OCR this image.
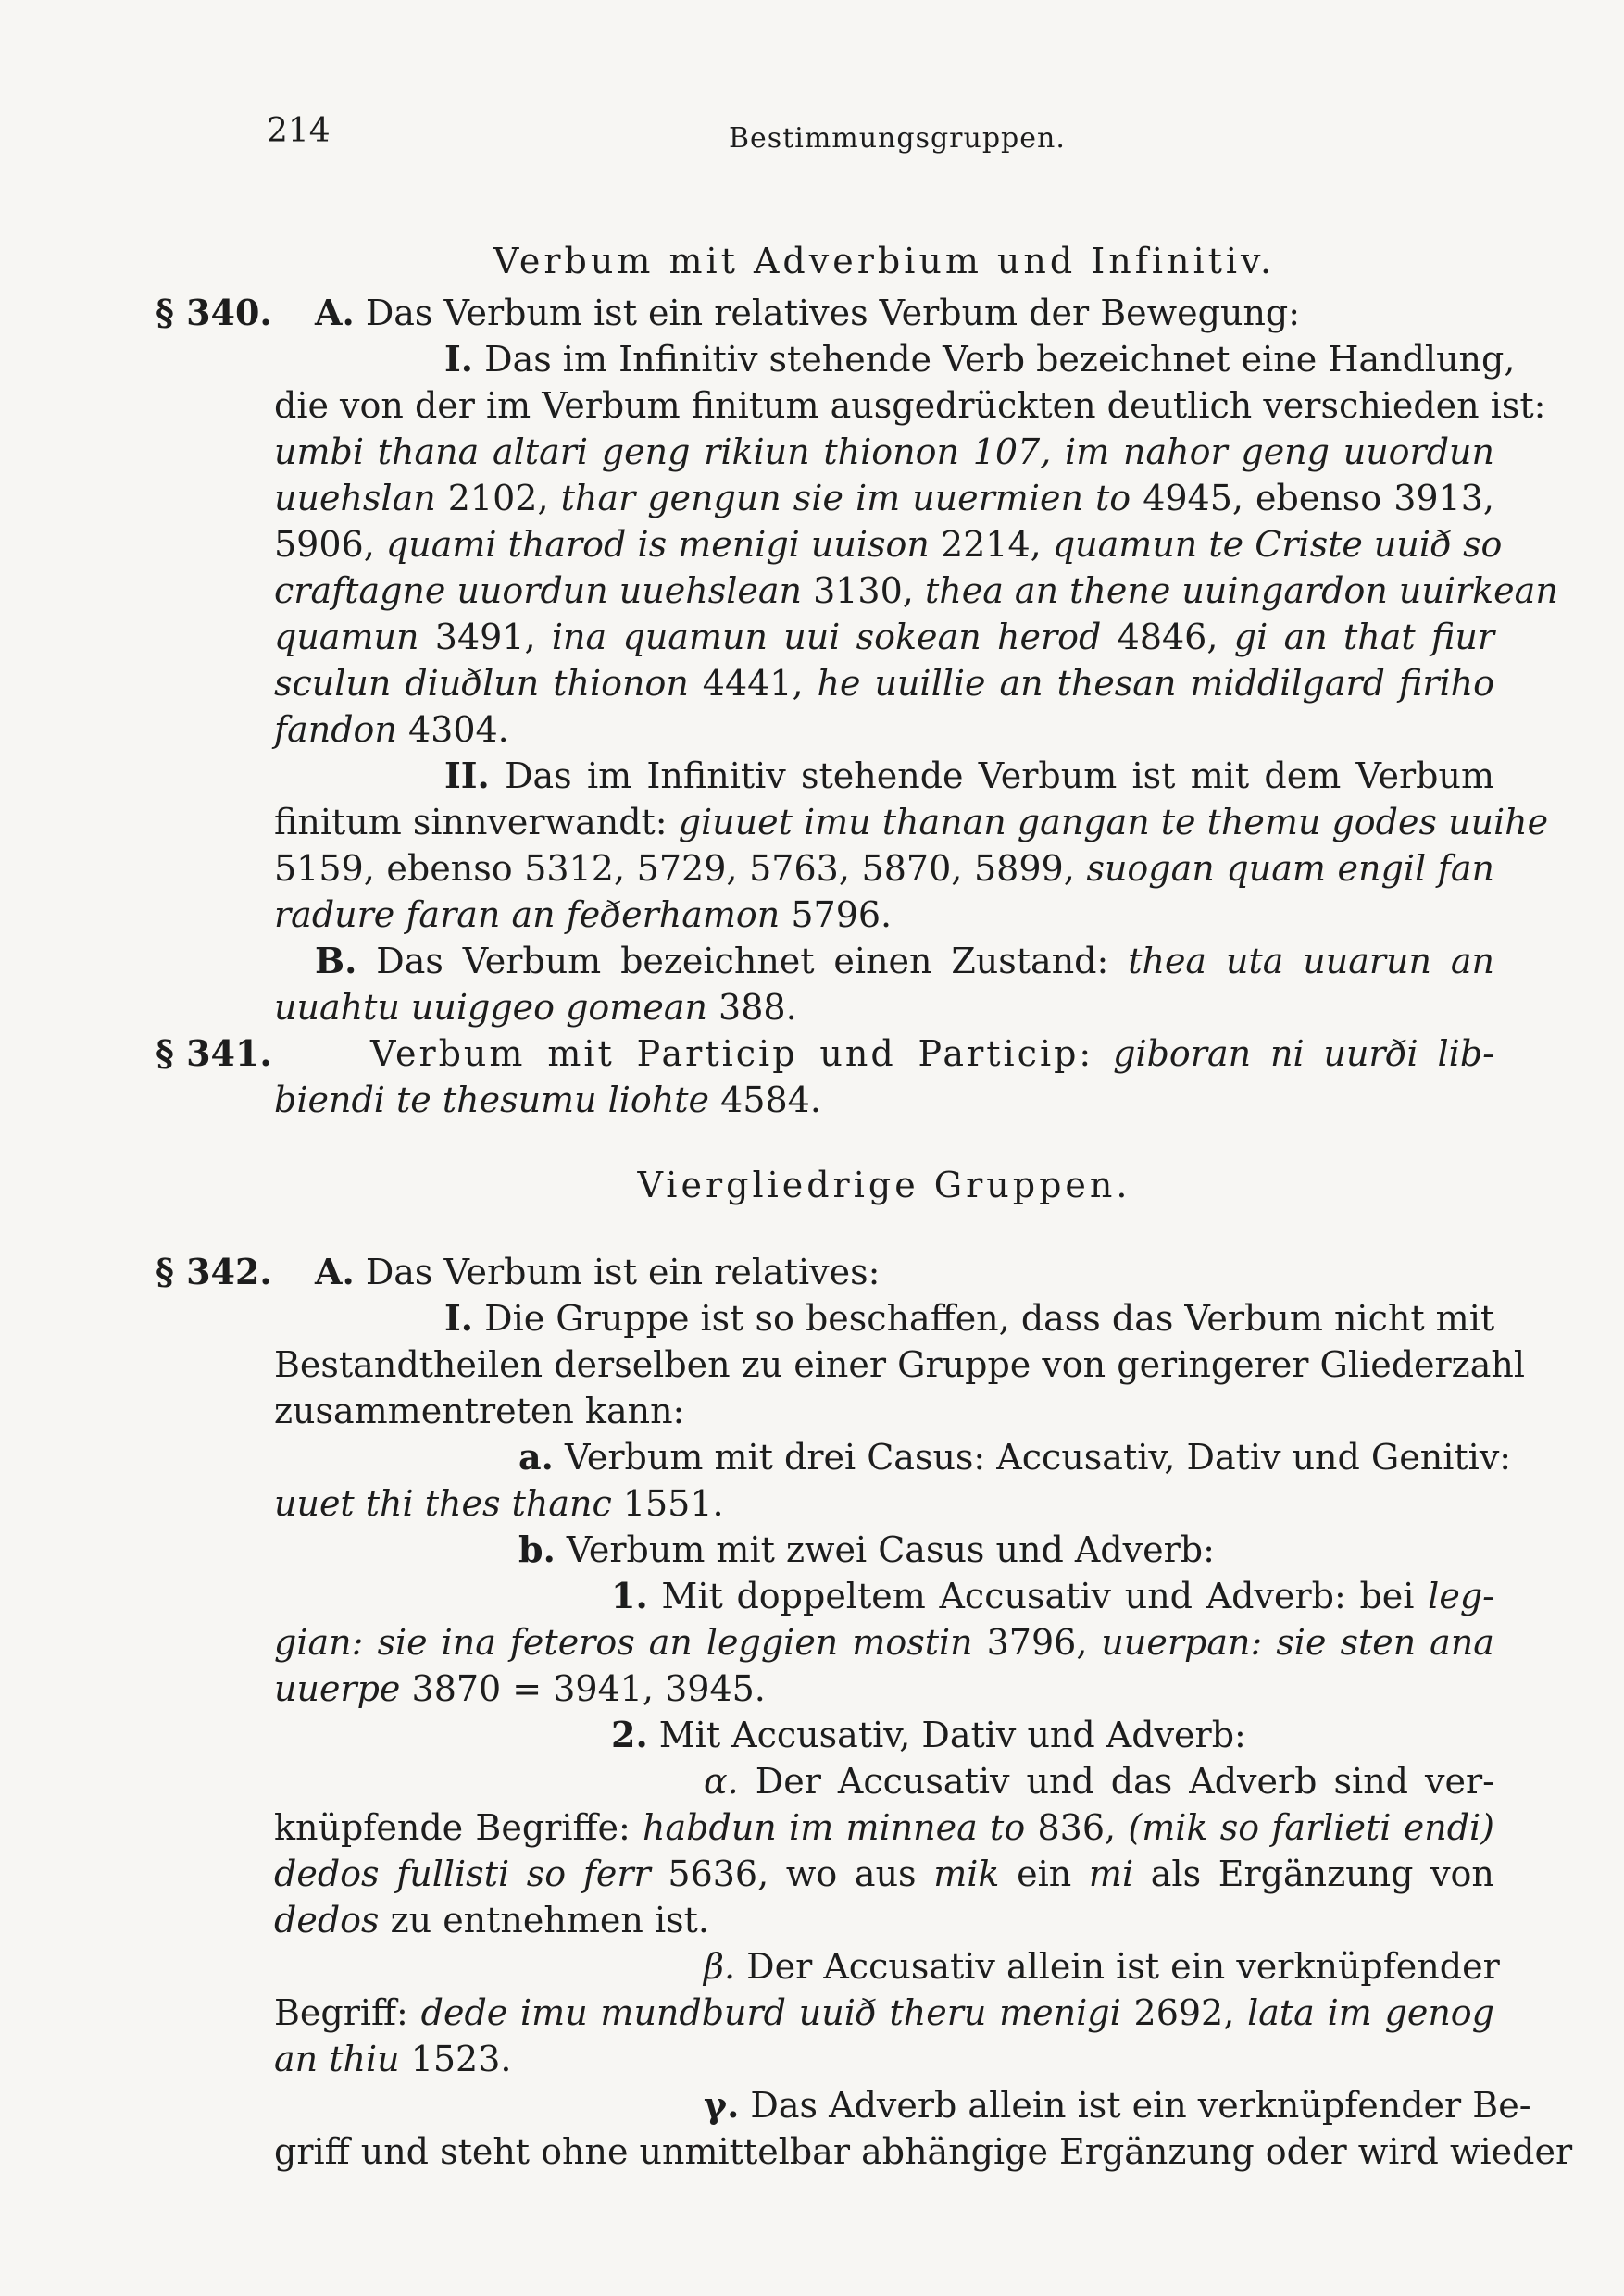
214	Bestimmungsgruppen.
Verbum mit Adverbium und Infinitiv.
§ 340. A. Das Verbum ist ein relatives Verbum der Bewegung:
I. Das im Infinitiv stehende Verb bezeichnet eine Handlung,
die von der im Verbum finitum ausgedrückten deutlich verschieden ist:
umbi thana altari geng rikiun thionon 107, im nahor geng uuordun
uuehslan 2102, thar gengun sie im uuermien to 4945, ebenso 3913,
5906, quami tharod is menigi uuison 2214, quamun te Criste uuið so
craftagne uuordun uuehslean 3130, thea an thene uuingardon uuirkean
quamun 3491, ina quamun uui sokean herod 4846, gi an that fiur
sculun diuðlun thionon 4441, he uuillie an thesan middilgard firiho
fandon 4304.
II. Das im Infinitiv stehende Verbum ist mit dem Verbum
finitum sinnverwandt: giuuet imu thanan gangan te themu godes uuihe
5159, ebenso 5312, 5729, 5763, 5870, 5899, suogan quam engil fan
radure faran an feðerhamon 5796.
B. Das Verbum bezeichnet einen Zustand: thea uta uuarun an
uuahtu uuiggeo gomean 388.
§ 341.	Verbum mit Particip und Particip: giboran ni uurði lib-
biendi te thesumu liohte 4584.
Viergliedrige Gruppen.
§ 342. A. Das Verbum ist ein relatives:
I. Die Gruppe ist so beschaffen, dass das Verbum nicht mit
Bestandtheilen derselben zu einer Gruppe von geringerer Gliederzahl
zusammentreten kann:
a. Verbum mit drei Casus: Accusativ, Dativ und Genitiv:
uuet thi thes thanc 1551.
b. Verbum mit zwei Casus und Adverb:
1. Mit doppeltem Accusativ und Adverb: bei leg-
gian: sie ina feteros an leggien mostin 3796, uuerpan: sie sten ana
uuerpe 3870 = 3941, 3945.
2. Mit Accusativ, Dativ und Adverb:
α. Der Accusativ und das Adverb sind ver-
knüpfende Begriffe: habdun im minnea to 836, (mik so farlieti endi)
dedos fullisti so ferr 5636, wo aus mik ein mi als Ergänzung von
dedos zu entnehmen ist.
β. Der Accusativ allein ist ein verknüpfender
Begriff: dede imu mundburd uuið theru menigi 2692, lata im genog
an thiu 1523.
γ. Das Adverb allein ist ein verknüpfender Be-
griff und steht ohne unmittelbar abhängige Ergänzung oder wird wieder
